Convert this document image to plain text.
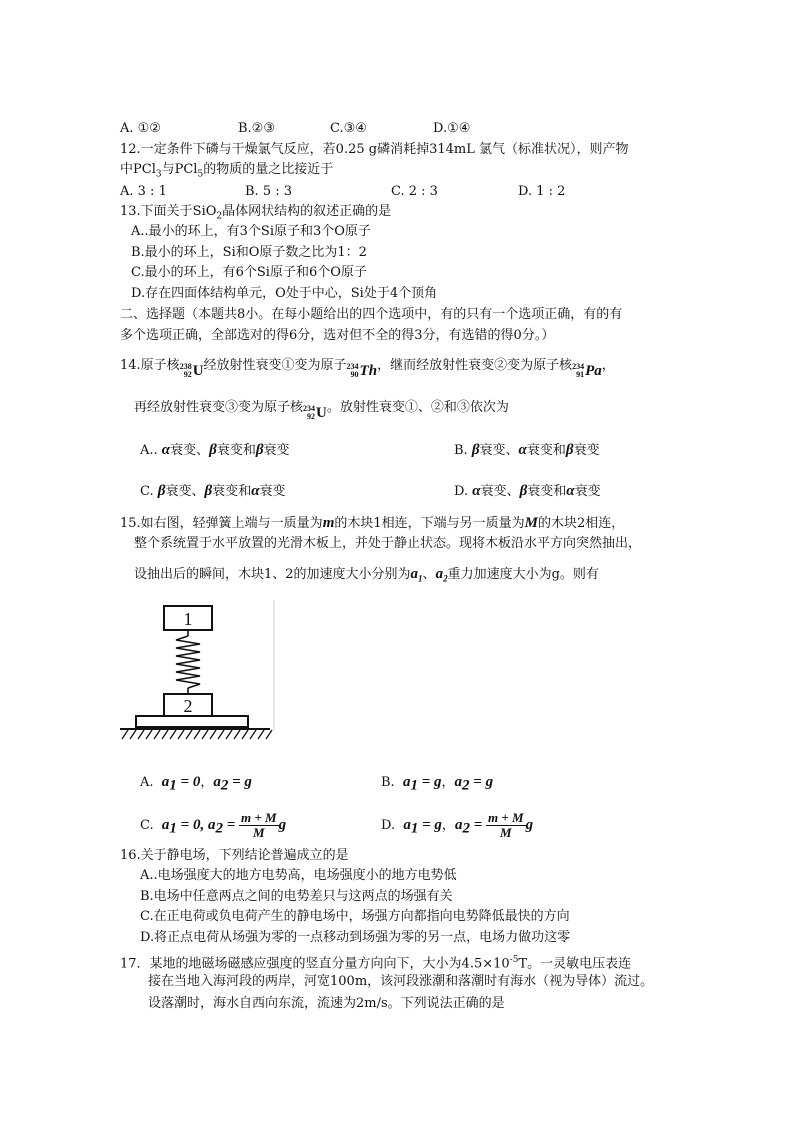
A. ①②	B.②③	C.③④	D.①④
12.一定条件下磷与干燥氯气反应，若0.25 g磷消耗掉314mL 氯气（标准状况），则产物
中PCl$_3$与PCl$_5$的物质的量之比接近于
A. 3 : 1	B. 5 : 3	C. 2 : 3	D. 1 : 2
13.下面关于SiO$_2$晶体网状结构的叙述正确的是
A..最小的环上，有3个Si原子和3个O原子
B.最小的环上，Si和O原子数之比为1：2
C.最小的环上，有6个Si原子和6个O原子
D.存在四面体结构单元，O处于中心，Si处于4个顶角
二、选择题（本题共8小。在每小题给出的四个选项中，有的只有一个选项正确，有的有
多个选项正确，全部选对的得6分，选对但不全的得3分，有选错的得0分。）
14.原子核 238
92 U 经放射性衰变①变为原子 234
90 Th ，继而经放射性衰变②变为原子核 234
91 Pa ，
再经放射性衰变③变为原子核 234
92 U 。放射性衰变①、②和③依次为
A.. α衰变、β衰变和β衰变	B. β衰变、α衰变和β衰变
C. β衰变、β衰变和α衰变	D. α衰变、β衰变和α衰变
15.如右图，轻弹簧上端与一质量为m的木块1相连，下端与另一质量为M的木块2相连，
整个系统置于水平放置的光滑木板上，并处于静止状态。现将木板沿水平方向突然抽出，
设抽出后的瞬间，木块1、2的加速度大小分别为$a_1$、$a_2$重力加速度大小为g。则有
1
2
A. $a_1 = 0$，$a_2 = g$	B. $a_1 = g$，$a_2 = g$
C. $a_1 = 0$, $a_2 = \frac{m + M}{M}$ g	D. $a_1 = g$，$a_2 = \frac{m + M}{M}$ g
16.关于静电场，下列结论普遍成立的是
A..电场强度大的地方电势高，电场强度小的地方电势低
B.电场中任意两点之间的电势差只与这两点的场强有关
C.在正电荷或负电荷产生的静电场中，场强方向都指向电势降低最快的方向
D.将正点电荷从场强为零的一点移动到场强为零的另一点，电场力做功这零
17．某地的地磁场磁感应强度的竖直分量方向向下，大小为$4.5\times 10^{-5}T$。一灵敏电压表连
接在当地入海河段的两岸，河宽100m，该河段涨潮和落潮时有海水（视为导体）流过。
设落潮时，海水自西向东流，流速为2m/s。下列说法正确的是
